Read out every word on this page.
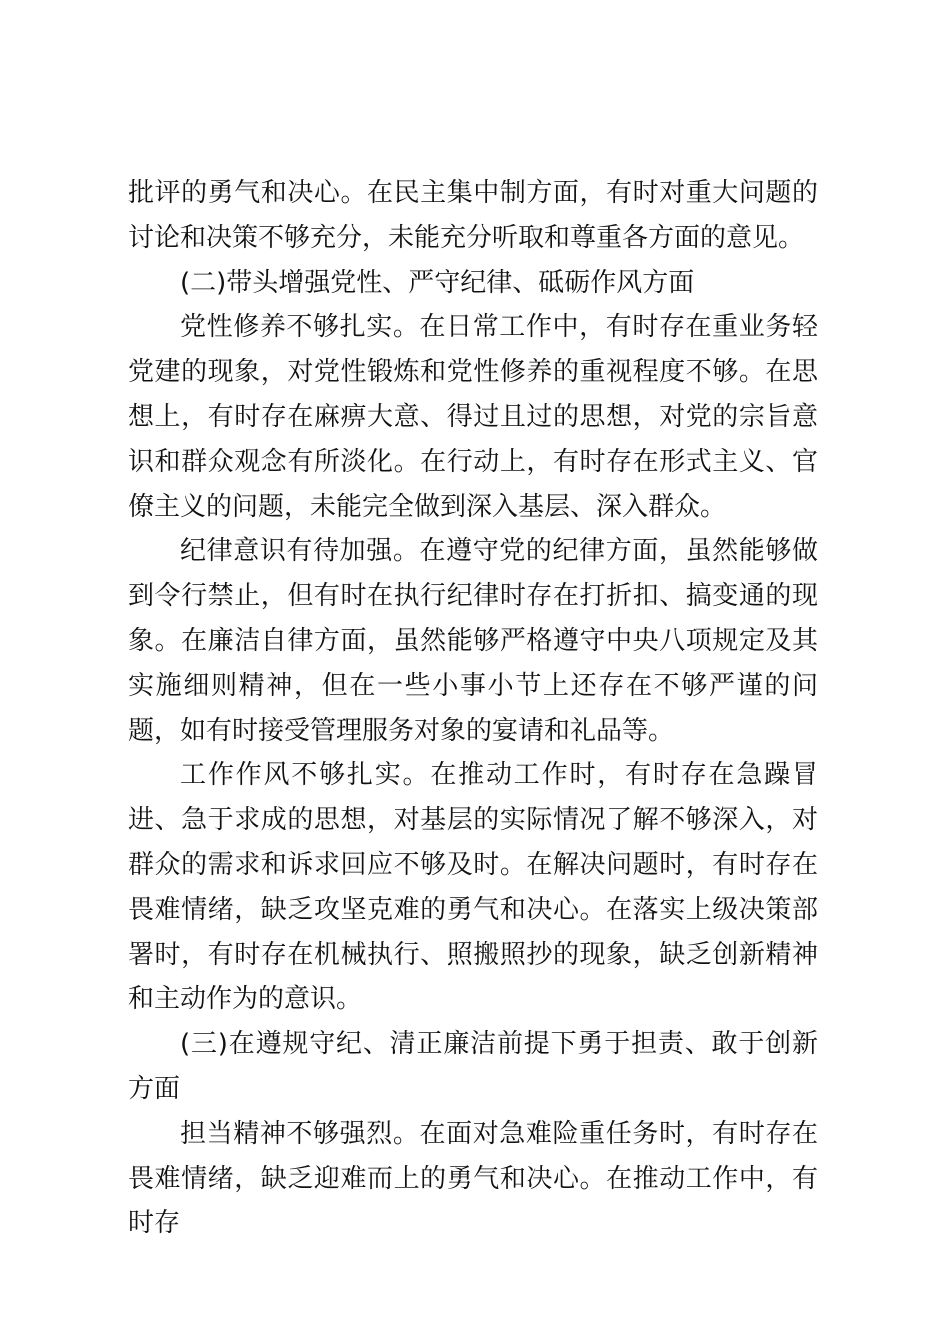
批评的勇气和决心。在民主集中制方面，有时对重大问题的讨论和决策不够充分，未能充分听取和尊重各方面的意见。

(二)带头增强党性、严守纪律、砥砺作风方面

党性修养不够扎实。在日常工作中，有时存在重业务轻党建的现象，对党性锻炼和党性修养的重视程度不够。在思想上，有时存在麻痹大意、得过且过的思想，对党的宗旨意识和群众观念有所淡化。在行动上，有时存在形式主义、官僚主义的问题，未能完全做到深入基层、深入群众。

纪律意识有待加强。在遵守党的纪律方面，虽然能够做到令行禁止，但有时在执行纪律时存在打折扣、搞变通的现象。在廉洁自律方面，虽然能够严格遵守中央八项规定及其实施细则精神，但在一些小事小节上还存在不够严谨的问题，如有时接受管理服务对象的宴请和礼品等。

工作作风不够扎实。在推动工作时，有时存在急躁冒进、急于求成的思想，对基层的实际情况了解不够深入，对群众的需求和诉求回应不够及时。在解决问题时，有时存在畏难情绪，缺乏攻坚克难的勇气和决心。在落实上级决策部署时，有时存在机械执行、照搬照抄的现象，缺乏创新精神和主动作为的意识。

(三)在遵规守纪、清正廉洁前提下勇于担责、敢于创新方面

担当精神不够强烈。在面对急难险重任务时，有时存在畏难情绪，缺乏迎难而上的勇气和决心。在推动工作中，有时存
